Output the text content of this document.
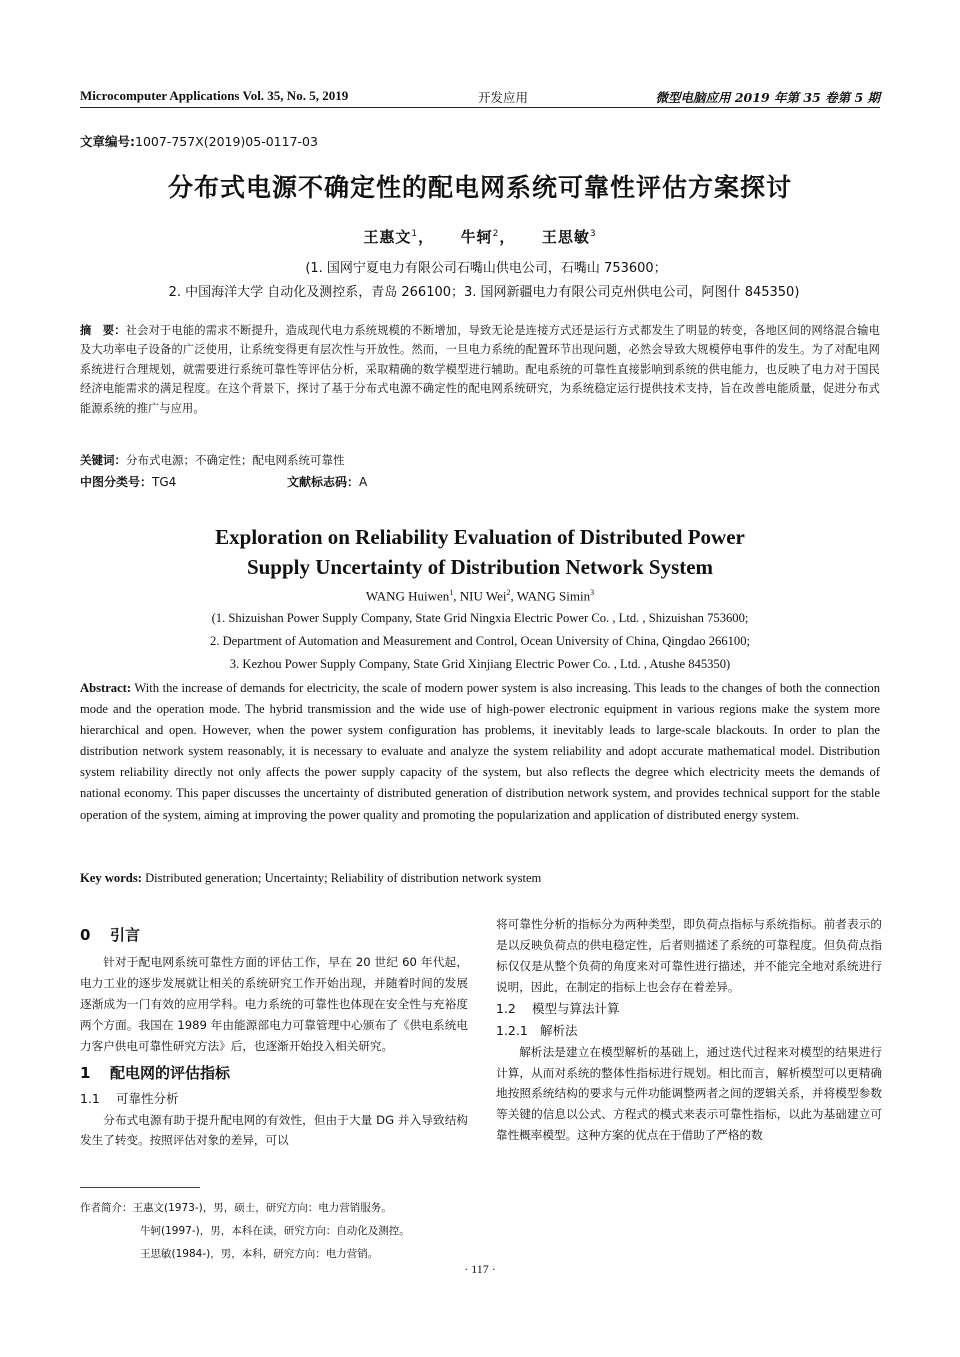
Microcomputer Applications Vol. 35, No. 5, 2019	开发应用	微型电脑应用 2019 年第 35 卷第 5 期
文章编号:1007-757X(2019)05-0117-03
分布式电源不确定性的配电网系统可靠性评估方案探讨
王惠文$^1$， 牛轲$^2$， 王思敏$^3$
(1. 国网宁夏电力有限公司石嘴山供电公司，石嘴山 753600；
2. 中国海洋大学 自动化及测控系，青岛 266100；3. 国网新疆电力有限公司克州供电公司，阿图什 845350)
摘　要：社会对于电能的需求不断提升，造成现代电力系统规模的不断增加，导致无论是连接方式还是运行方式都发生了明显的转变，各地区间的网络混合输电及大功率电子设备的广泛使用，让系统变得更有层次性与开放性。然而，一旦电力系统的配置环节出现问题，必然会导致大规模停电事件的发生。为了对配电网系统进行合理规划，就需要进行系统可靠性等评估分析，采取精确的数学模型进行辅助。配电系统的可靠性直接影响到系统的供电能力，也反映了电力对于国民经济电能需求的满足程度。在这个背景下，探讨了基于分布式电源不确定性的配电网系统研究，为系统稳定运行提供技术支持，旨在改善电能质量，促进分布式能源系统的推广与应用。
关键词：分布式电源；不确定性；配电网系统可靠性
中图分类号：TG4	文献标志码：A
Exploration on Reliability Evaluation of Distributed Power
Supply Uncertainty of Distribution Network System
WANG Huiwen$^1$, NIU Wei$^2$, WANG Simin$^3$
(1. Shizuishan Power Supply Company, State Grid Ningxia Electric Power Co. , Ltd. , Shizuishan 753600;
2. Department of Automation and Measurement and Control, Ocean University of China, Qingdao 266100;
3. Kezhou Power Supply Company, State Grid Xinjiang Electric Power Co. , Ltd. , Atushe 845350)
Abstract: With the increase of demands for electricity, the scale of modern power system is also increasing. This leads to the changes of both the connection mode and the operation mode. The hybrid transmission and the wide use of high-power electronic equipment in various regions make the system more hierarchical and open. However, when the power system configuration has problems, it inevitably leads to large-scale blackouts. In order to plan the distribution network system reasonably, it is necessary to evaluate and analyze the system reliability and adopt accurate mathematical model. Distribution system reliability directly not only affects the power supply capacity of the system, but also reflects the degree which electricity meets the demands of national economy. This paper discusses the uncertainty of distributed generation of distribution network system, and provides technical support for the stable operation of the system, aiming at improving the power quality and promoting the popularization and application of distributed energy system.
Key words: Distributed generation; Uncertainty; Reliability of distribution network system
0 引言
针对于配电网系统可靠性方面的评估工作，早在 20 世纪 60 年代起，电力工业的逐步发展就让相关的系统研究工作开始出现，并随着时间的发展逐渐成为一门有效的应用学科。电力系统的可靠性也体现在安全性与充裕度两个方面。我国在 1989 年由能源部电力可靠管理中心颁布了《供电系统电力客户供电可靠性研究方法》后，也逐渐开始投入相关研究。
1 配电网的评估指标
1.1 可靠性分析
分布式电源有助于提升配电网的有效性，但由于大量 DG 并入导致结构发生了转变。按照评估对象的差异，可以
将可靠性分析的指标分为两种类型，即负荷点指标与系统指标。前者表示的是以反映负荷点的供电稳定性，后者则描述了系统的可靠程度。但负荷点指标仅仅是从整个负荷的角度来对可靠性进行描述，并不能完全地对系统进行说明，因此，在制定的指标上也会存在着差异。
1.2 模型与算法计算
1.2.1 解析法
解析法是建立在模型解析的基础上，通过迭代过程来对模型的结果进行计算，从而对系统的整体性指标进行规划。相比而言，解析模型可以更精确地按照系统结构的要求与元件功能调整两者之间的逻辑关系，并将模型参数等关键的信息以公式、方程式的模式来表示可靠性指标，以此为基础建立可靠性概率模型。这种方案的优点在于借助了严格的数
作者简介：王惠文(1973-)，男，硕士，研究方向：电力营销服务。
牛轲(1997-)，男，本科在读，研究方向：自动化及测控。
王思敏(1984-)，男，本科，研究方向：电力营销。
· 117 ·
